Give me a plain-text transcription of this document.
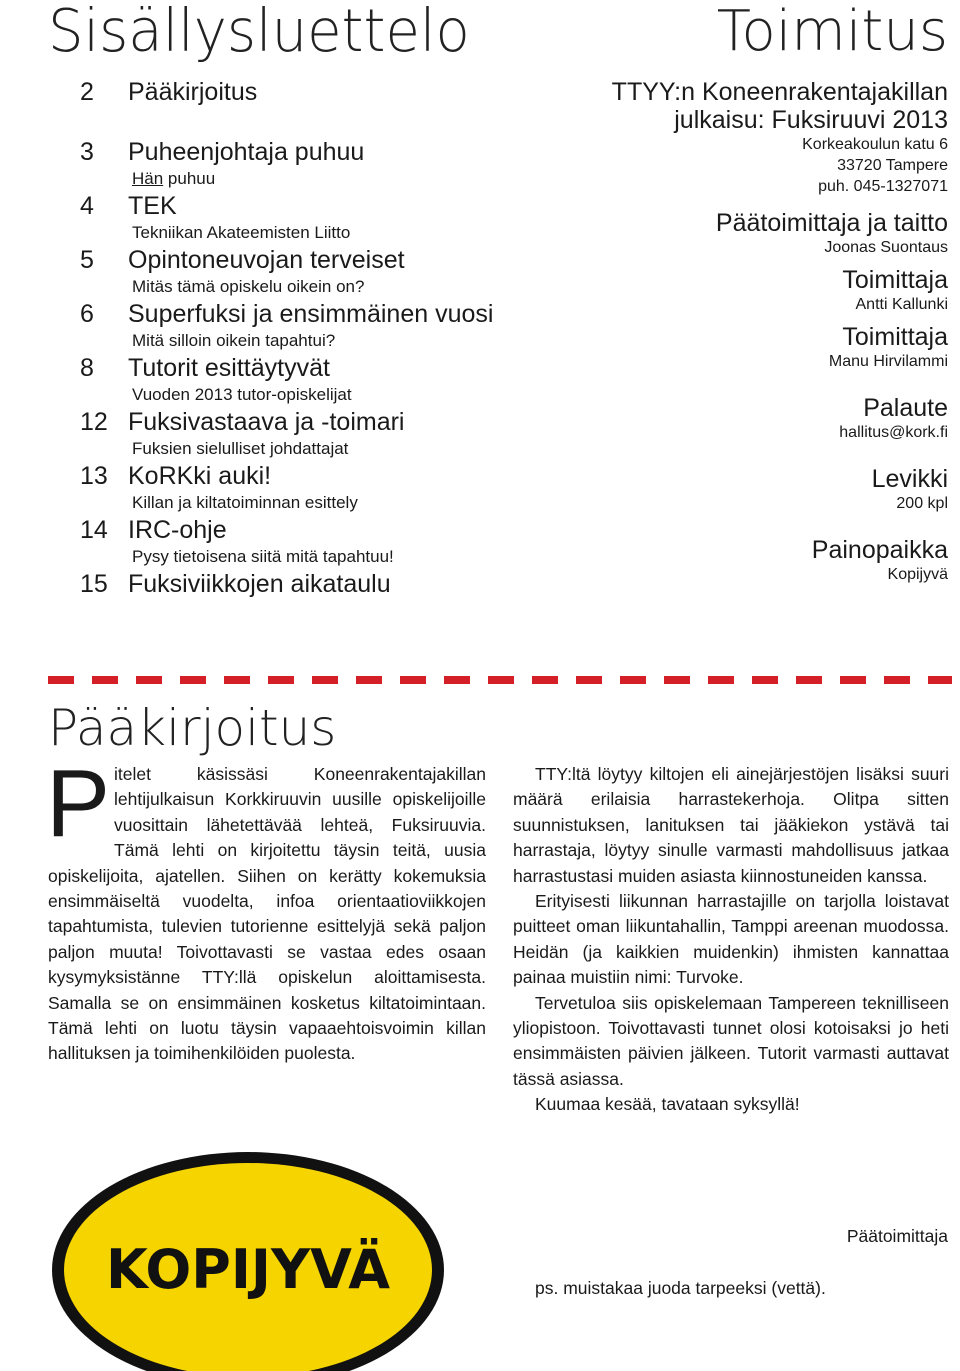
Sisällysluettelo	Toimitus
2 Pääkirjoitus
3 Puheenjohtaja puhuu
Hän puhuu
4 TEK
Tekniikan Akateemisten Liitto
5 Opintoneuvojan terveiset
Mitäs tämä opiskelu oikein on?
6 Superfuksi ja ensimmäinen vuosi
Mitä silloin oikein tapahtui?
8 Tutorit esittäytyvät
Vuoden 2013 tutor-opiskelijat
12 Fuksivastaava ja -toimari
Fuksien sielulliset johdattajat
13 KoRKki auki!
Killan ja kiltatoiminnan esittely
14 IRC-ohje
Pysy tietoisena siitä mitä tapahtuu!
15 Fuksiviikkojen aikataulu
TTYY:n Koneenrakentajakillan
julkaisu: Fuksiruuvi 2013
Korkeakoulun katu 6
33720 Tampere
puh. 045-1327071
Päätoimittaja ja taitto
Joonas Suontaus
Toimittaja
Antti Kallunki
Toimittaja
Manu Hirvilammi
Palaute
hallitus@kork.fi
Levikki
200 kpl
Painopaikka
Kopijyvä
Pääkirjoitus

Pitelet käsissäsi Koneenrakentajakillan lehtijulkaisun Korkkiruuvin uusille opiskelijoille vuosittain lähetettävää lehteä, Fuksiruuvia. Tämä lehti on kirjoitettu täysin teitä, uusia opiskelijoita, ajatellen. Siihen on kerätty kokemuksia ensimmäiseltä vuodelta, infoa orientaatioviikkojen tapahtumista, tulevien tutorienne esittelyjä sekä paljon paljon muuta! Toivottavasti se vastaa edes osaan kysymyksistänne TTY:llä opiskelun aloittamisesta. Samalla se on ensimmäinen kosketus kiltatoimintaan. Tämä lehti on luotu täysin vapaaehtoisvoimin killan hallituksen ja toimihenkilöiden puolesta.

TTY:ltä löytyy kiltojen eli ainejärjestöjen lisäksi suuri määrä erilaisia harrastekerhoja. Olitpa sitten suunnistuksen, lanituksen tai jääkiekon ystävä tai harrastaja, löytyy sinulle varmasti mahdollisuus jatkaa harrastustasi muiden asiasta kiinnostuneiden kanssa.

Erityisesti liikunnan harrastajille on tarjolla loistavat puitteet oman liikuntahallin, Tamppi areenan muodossa. Heidän (ja kaikkien muidenkin) ihmisten kannattaa painaa muistiin nimi: Turvoke.

Tervetuloa siis opiskelemaan Tampereen teknilliseen yliopistoon. Toivottavasti tunnet olosi kotoisaksi jo heti ensimmäisten päivien jälkeen. Tutorit varmasti auttavat tässä asiassa.

Kuumaa kesää, tavataan syksyllä!

Päätoimittaja
ps. muistakaa juoda tarpeeksi (vettä).
KOPIJYVÄ
